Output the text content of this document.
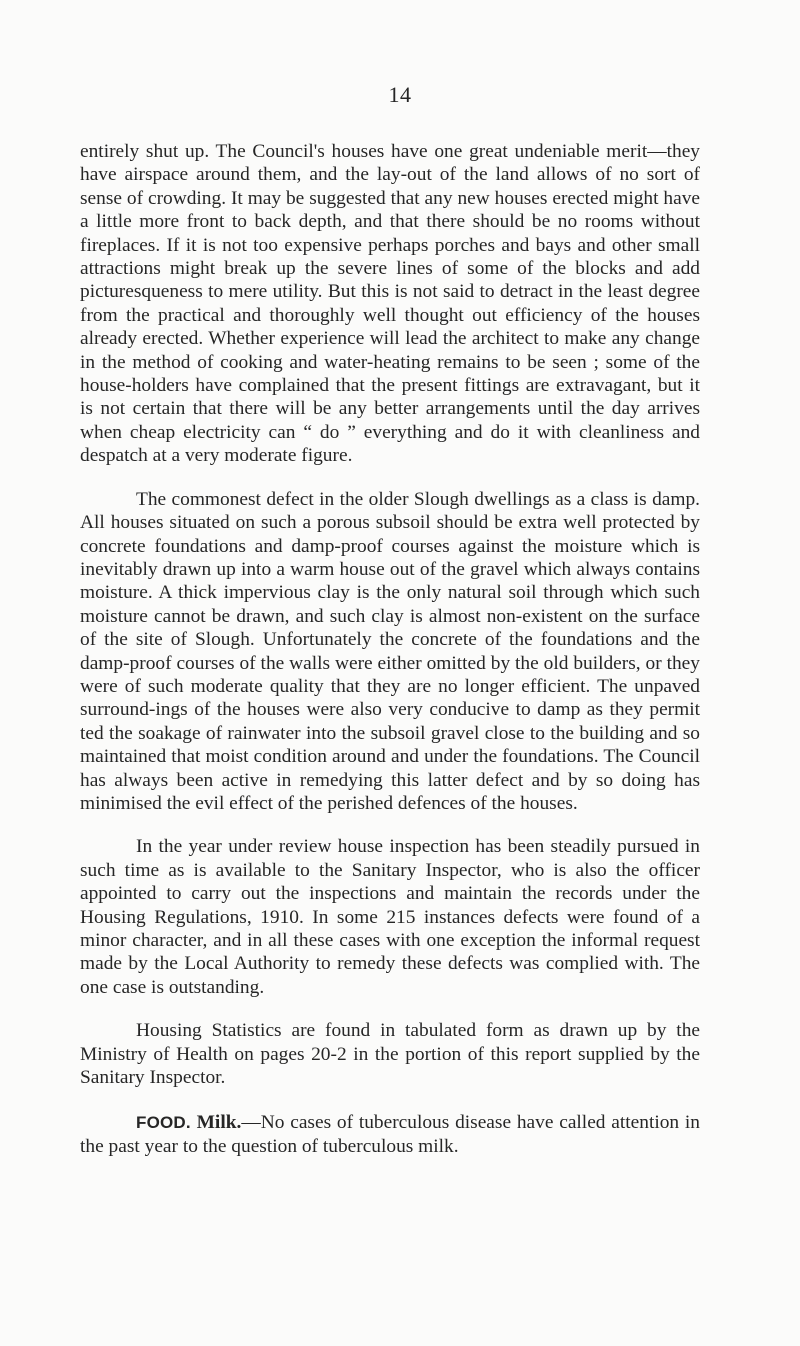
14

entirely shut up. The Council's houses have one great undeniable merit—they have airspace around them, and the lay-out of the land allows of no sort of sense of crowding. It may be suggested that any new houses erected might have a little more front to back depth, and that there should be no rooms without fireplaces. If it is not too expensive perhaps porches and bays and other small attractions might break up the severe lines of some of the blocks and add picturesqueness to mere utility. But this is not said to detract in the least degree from the practical and thoroughly well thought out efficiency of the houses already erected. Whether experience will lead the architect to make any change in the method of cooking and water-heating remains to be seen ; some of the house-holders have complained that the present fittings are extravagant, but it is not certain that there will be any better arrangements until the day arrives when cheap electricity can “ do ” everything and do it with cleanliness and despatch at a very moderate figure.

The commonest defect in the older Slough dwellings as a class is damp. All houses situated on such a porous subsoil should be extra well protected by concrete foundations and damp-proof courses against the moisture which is inevitably drawn up into a warm house out of the gravel which always contains moisture. A thick impervious clay is the only natural soil through which such moisture cannot be drawn, and such clay is almost non-existent on the surface of the site of Slough. Unfortunately the concrete of the foundations and the damp-proof courses of the walls were either omitted by the old builders, or they were of such moderate quality that they are no longer efficient. The unpaved surround-ings of the houses were also very conducive to damp as they permit ted the soakage of rainwater into the subsoil gravel close to the building and so maintained that moist condition around and under the foundations. The Council has always been active in remedying this latter defect and by so doing has minimised the evil effect of the perished defences of the houses.

In the year under review house inspection has been steadily pursued in such time as is available to the Sanitary Inspector, who is also the officer appointed to carry out the inspections and maintain the records under the Housing Regulations, 1910. In some 215 instances defects were found of a minor character, and in all these cases with one exception the informal request made by the Local Authority to remedy these defects was complied with. The one case is outstanding.

Housing Statistics are found in tabulated form as drawn up by the Ministry of Health on pages 20-2 in the portion of this report supplied by the Sanitary Inspector.

FOOD. Milk.—No cases of tuberculous disease have called attention in the past year to the question of tuberculous milk.
